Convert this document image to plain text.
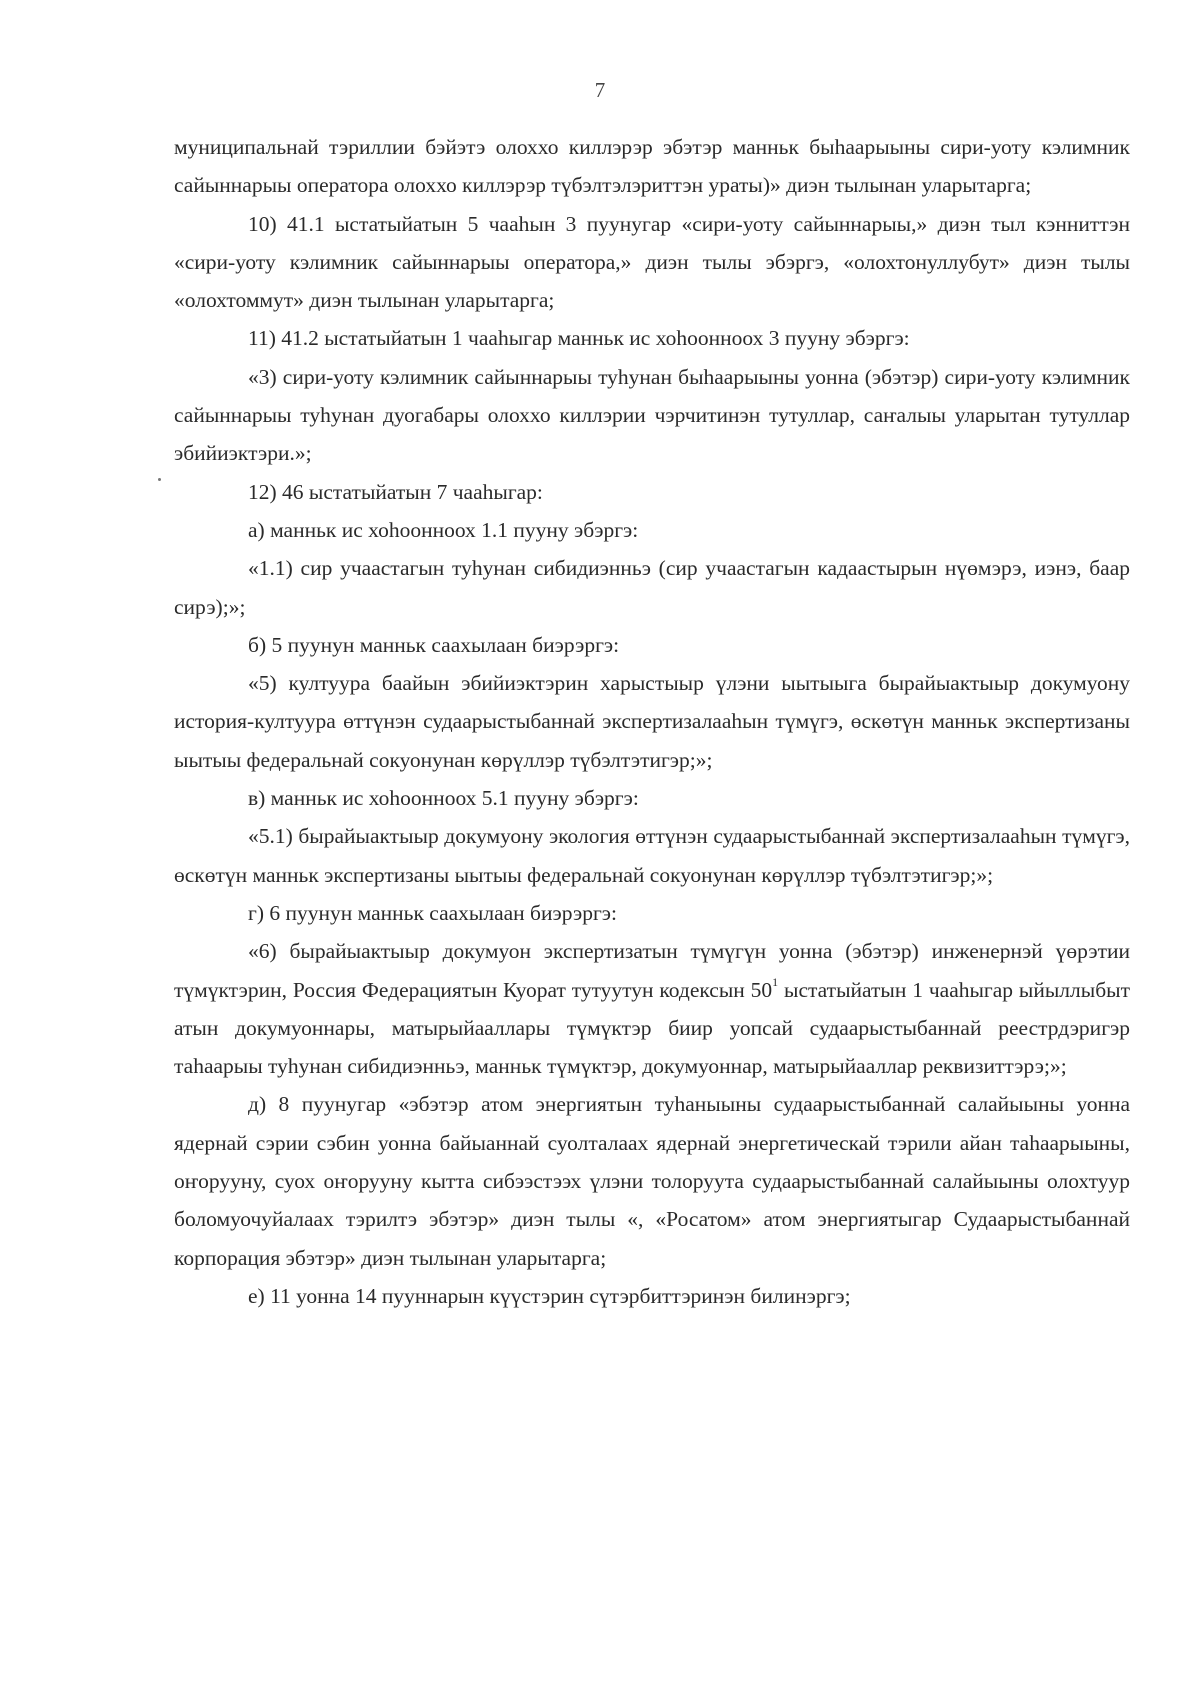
7

муниципальнай тэриллии бэйэтэ олоххо киллэрэр эбэтэр манньк быhаарыыны сири-уоту кэлимник сайыннарыы оператора олоххо киллэрэр түбэлтэлэриттэн ураты)» диэн тылынан уларытарга;

10) 41.1 ыстатыйатын 5 чааhын 3 пуунугар «сири-уоту сайыннарыы,» диэн тыл кэнниттэн «сири-уоту кэлимник сайыннарыы оператора,» диэн тылы эбэргэ, «олохтонуллубут» диэн тылы «олохтоммут» диэн тылынан уларытарга;

11) 41.2 ыстатыйатын 1 чааhыгар манньк ис хоhоонноох 3 пууну эбэргэ:

«3) сири-уоту кэлимник сайыннарыы туhунан быhаарыыны уонна (эбэтэр) сири-уоту кэлимник сайыннарыы туhунан дуогабары олоххо киллэрии чэрчитинэн тутуллар, саҥалыы уларытан тутуллар эбийиэктэри.»;

12) 46 ыстатыйатын 7 чааhыгар:

а) манньк ис хоhоонноох 1.1 пууну эбэргэ:

«1.1) сир учаастагын туhунан сибидиэнньэ (сир учаастагын кадаастырын нүөмэрэ, иэнэ, баар сирэ);»;

б) 5 пуунун манньк саахылаан биэрэргэ:

«5) култуура баайын эбийиэктэрин харыстыыр үлэни ыытыыга бырайыактыыр докумуону история-култуура өттүнэн судаарыстыбаннай экспертизалааhын түмүгэ, өскөтүн манньк экспертизаны ыытыы федеральнай сокуонунан көрүллэр түбэлтэтигэр;»;

в) манньк ис хоhоонноох 5.1 пууну эбэргэ:

«5.1) бырайыактыыр докумуону экология өттүнэн судаарыстыбаннай экспертизалааhын түмүгэ, өскөтүн манньк экспертизаны ыытыы федеральнай сокуонунан көрүллэр түбэлтэтигэр;»;

г) 6 пуунун манньк саахылаан биэрэргэ:

«6) бырайыактыыр докумуон экспертизатын түмүгүн уонна (эбэтэр) инженернэй үөрэтии түмүктэрин, Россия Федерациятын Куорат тутуутун кодексын $50^1$ ыстатыйатын 1 чааhыгар ыйыллыбыт атын докумуоннары, матырыйааллары түмүктэр биир уопсай судаарыстыбаннай реестрдэригэр таhаарыы туhунан сибидиэнньэ, манньк түмүктэр, докумуоннар, матырыйааллар реквизиттэрэ;»;

д) 8 пуунугар «эбэтэр атом энергиятын туhаныыны судаарыстыбаннай салайыыны уонна ядернай сэрии сэбин уонна байыаннай суолталаах ядернай энергетическай тэрили айан таhаарыыны, оҥорууну, суох оҥорууну кытта сибээстээх үлэни толоруута судаарыстыбаннай салайыыны олохтуур боломуочуйалаах тэрилтэ эбэтэр» диэн тылы «, «Росатом» атом энергиятыгар Судаарыстыбаннай корпорация эбэтэр» диэн тылынан уларытарга;

е) 11 уонна 14 пууннарын күүстэрин сүтэрбиттэринэн билинэргэ;
